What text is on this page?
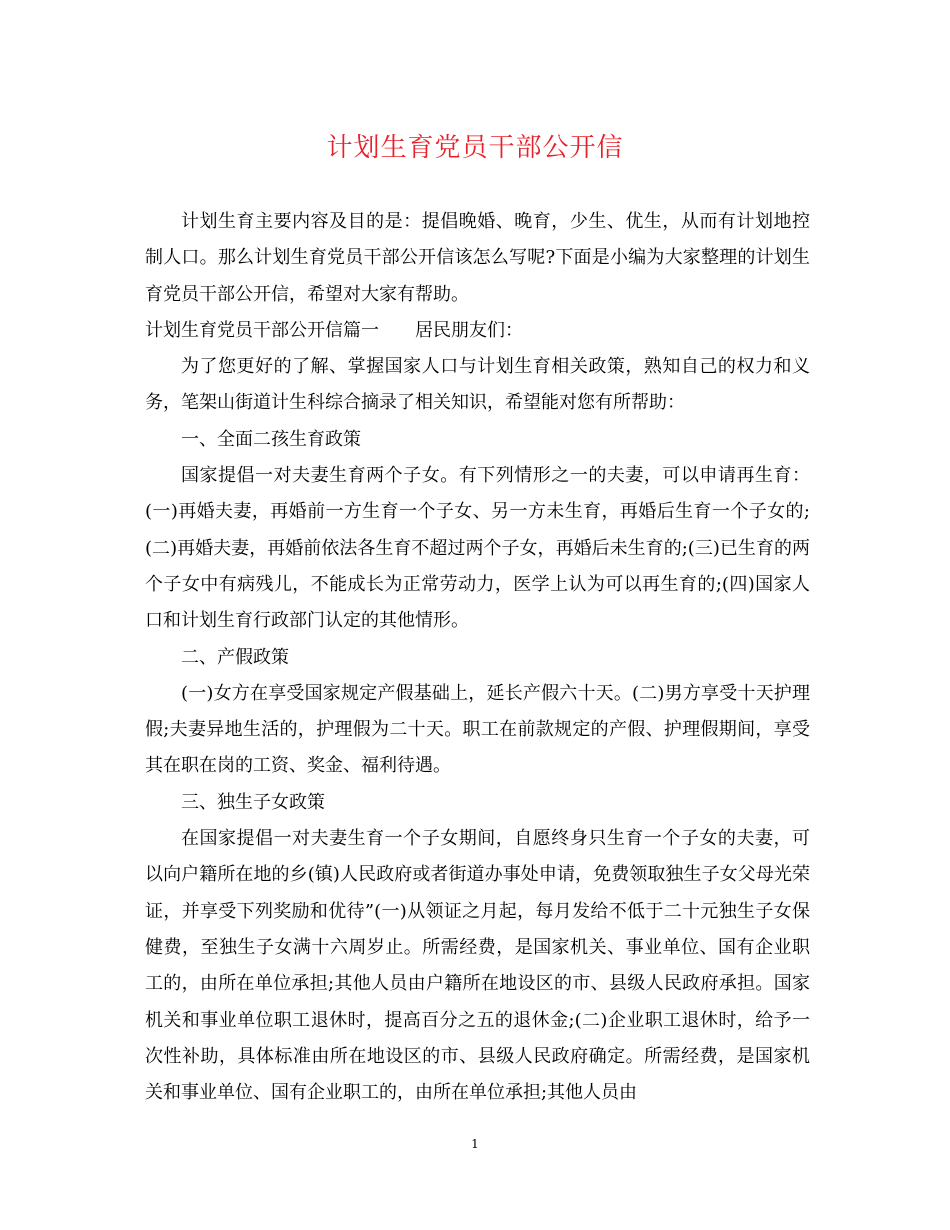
计划生育党员干部公开信

计划生育主要内容及目的是：提倡晚婚、晚育，少生、优生，从而有计划地控制人口。那么计划生育党员干部公开信该怎么写呢?下面是小编为大家整理的计划生育党员干部公开信，希望对大家有帮助。

计划生育党员干部公开信篇一　　居民朋友们：

为了您更好的了解、掌握国家人口与计划生育相关政策，熟知自己的权力和义务，笔架山街道计生科综合摘录了相关知识，希望能对您有所帮助：

一、全面二孩生育政策

国家提倡一对夫妻生育两个子女。有下列情形之一的夫妻，可以申请再生育：(一)再婚夫妻，再婚前一方生育一个子女、另一方未生育，再婚后生育一个子女的;(二)再婚夫妻，再婚前依法各生育不超过两个子女，再婚后未生育的;(三)已生育的两个子女中有病残儿，不能成长为正常劳动力，医学上认为可以再生育的;(四)国家人口和计划生育行政部门认定的其他情形。

二、产假政策

(一)女方在享受国家规定产假基础上，延长产假六十天。(二)男方享受十天护理假;夫妻异地生活的，护理假为二十天。职工在前款规定的产假、护理假期间，享受其在职在岗的工资、奖金、福利待遇。

三、独生子女政策

在国家提倡一对夫妻生育一个子女期间，自愿终身只生育一个子女的夫妻，可以向户籍所在地的乡(镇)人民政府或者街道办事处申请，免费领取独生子女父母光荣证，并享受下列奖励和优待”(一)从领证之月起，每月发给不低于二十元独生子女保健费，至独生子女满十六周岁止。所需经费，是国家机关、事业单位、国有企业职工的，由所在单位承担;其他人员由户籍所在地设区的市、县级人民政府承担。国家机关和事业单位职工退休时，提高百分之五的退休金;(二)企业职工退休时，给予一次性补助，具体标准由所在地设区的市、县级人民政府确定。所需经费，是国家机关和事业单位、国有企业职工的，由所在单位承担;其他人员由

1
